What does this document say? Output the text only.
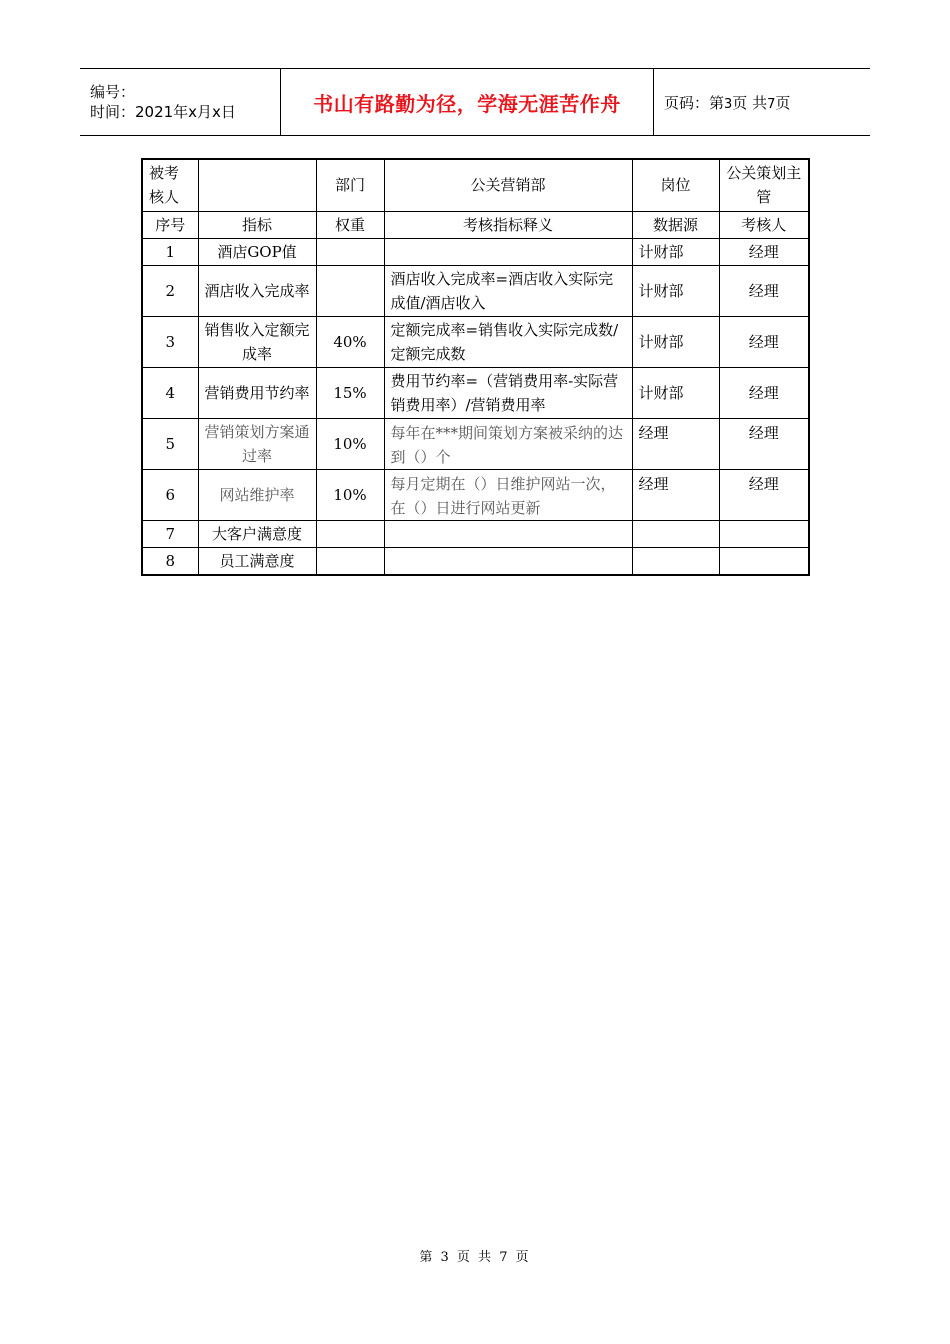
编号：
时间：2021年x月x日	书山有路勤为径，学海无涯苦作舟	页码：第3页 共7页
被考核人		部门	公关营销部	岗位	公关策划主管
序号	指标	权重	考核指标释义	数据源	考核人
1	酒店GOP值			计财部	经理
2	酒店收入完成率		酒店收入完成率=酒店收入实际完成值/酒店收入	计财部	经理
3	销售收入定额完成率	40%	定额完成率=销售收入实际完成数/定额完成数	计财部	经理
4	营销费用节约率	15%	费用节约率=（营销费用率-实际营销费用率）/营销费用率	计财部	经理
5	营销策划方案通过率	10%	每年在***期间策划方案被采纳的达到（）个	经理	经理
6	网站维护率	10%	每月定期在（）日维护网站一次，在（）日进行网站更新	经理	经理
7	大客户满意度				
8	员工满意度				
第 3 页 共 7 页
